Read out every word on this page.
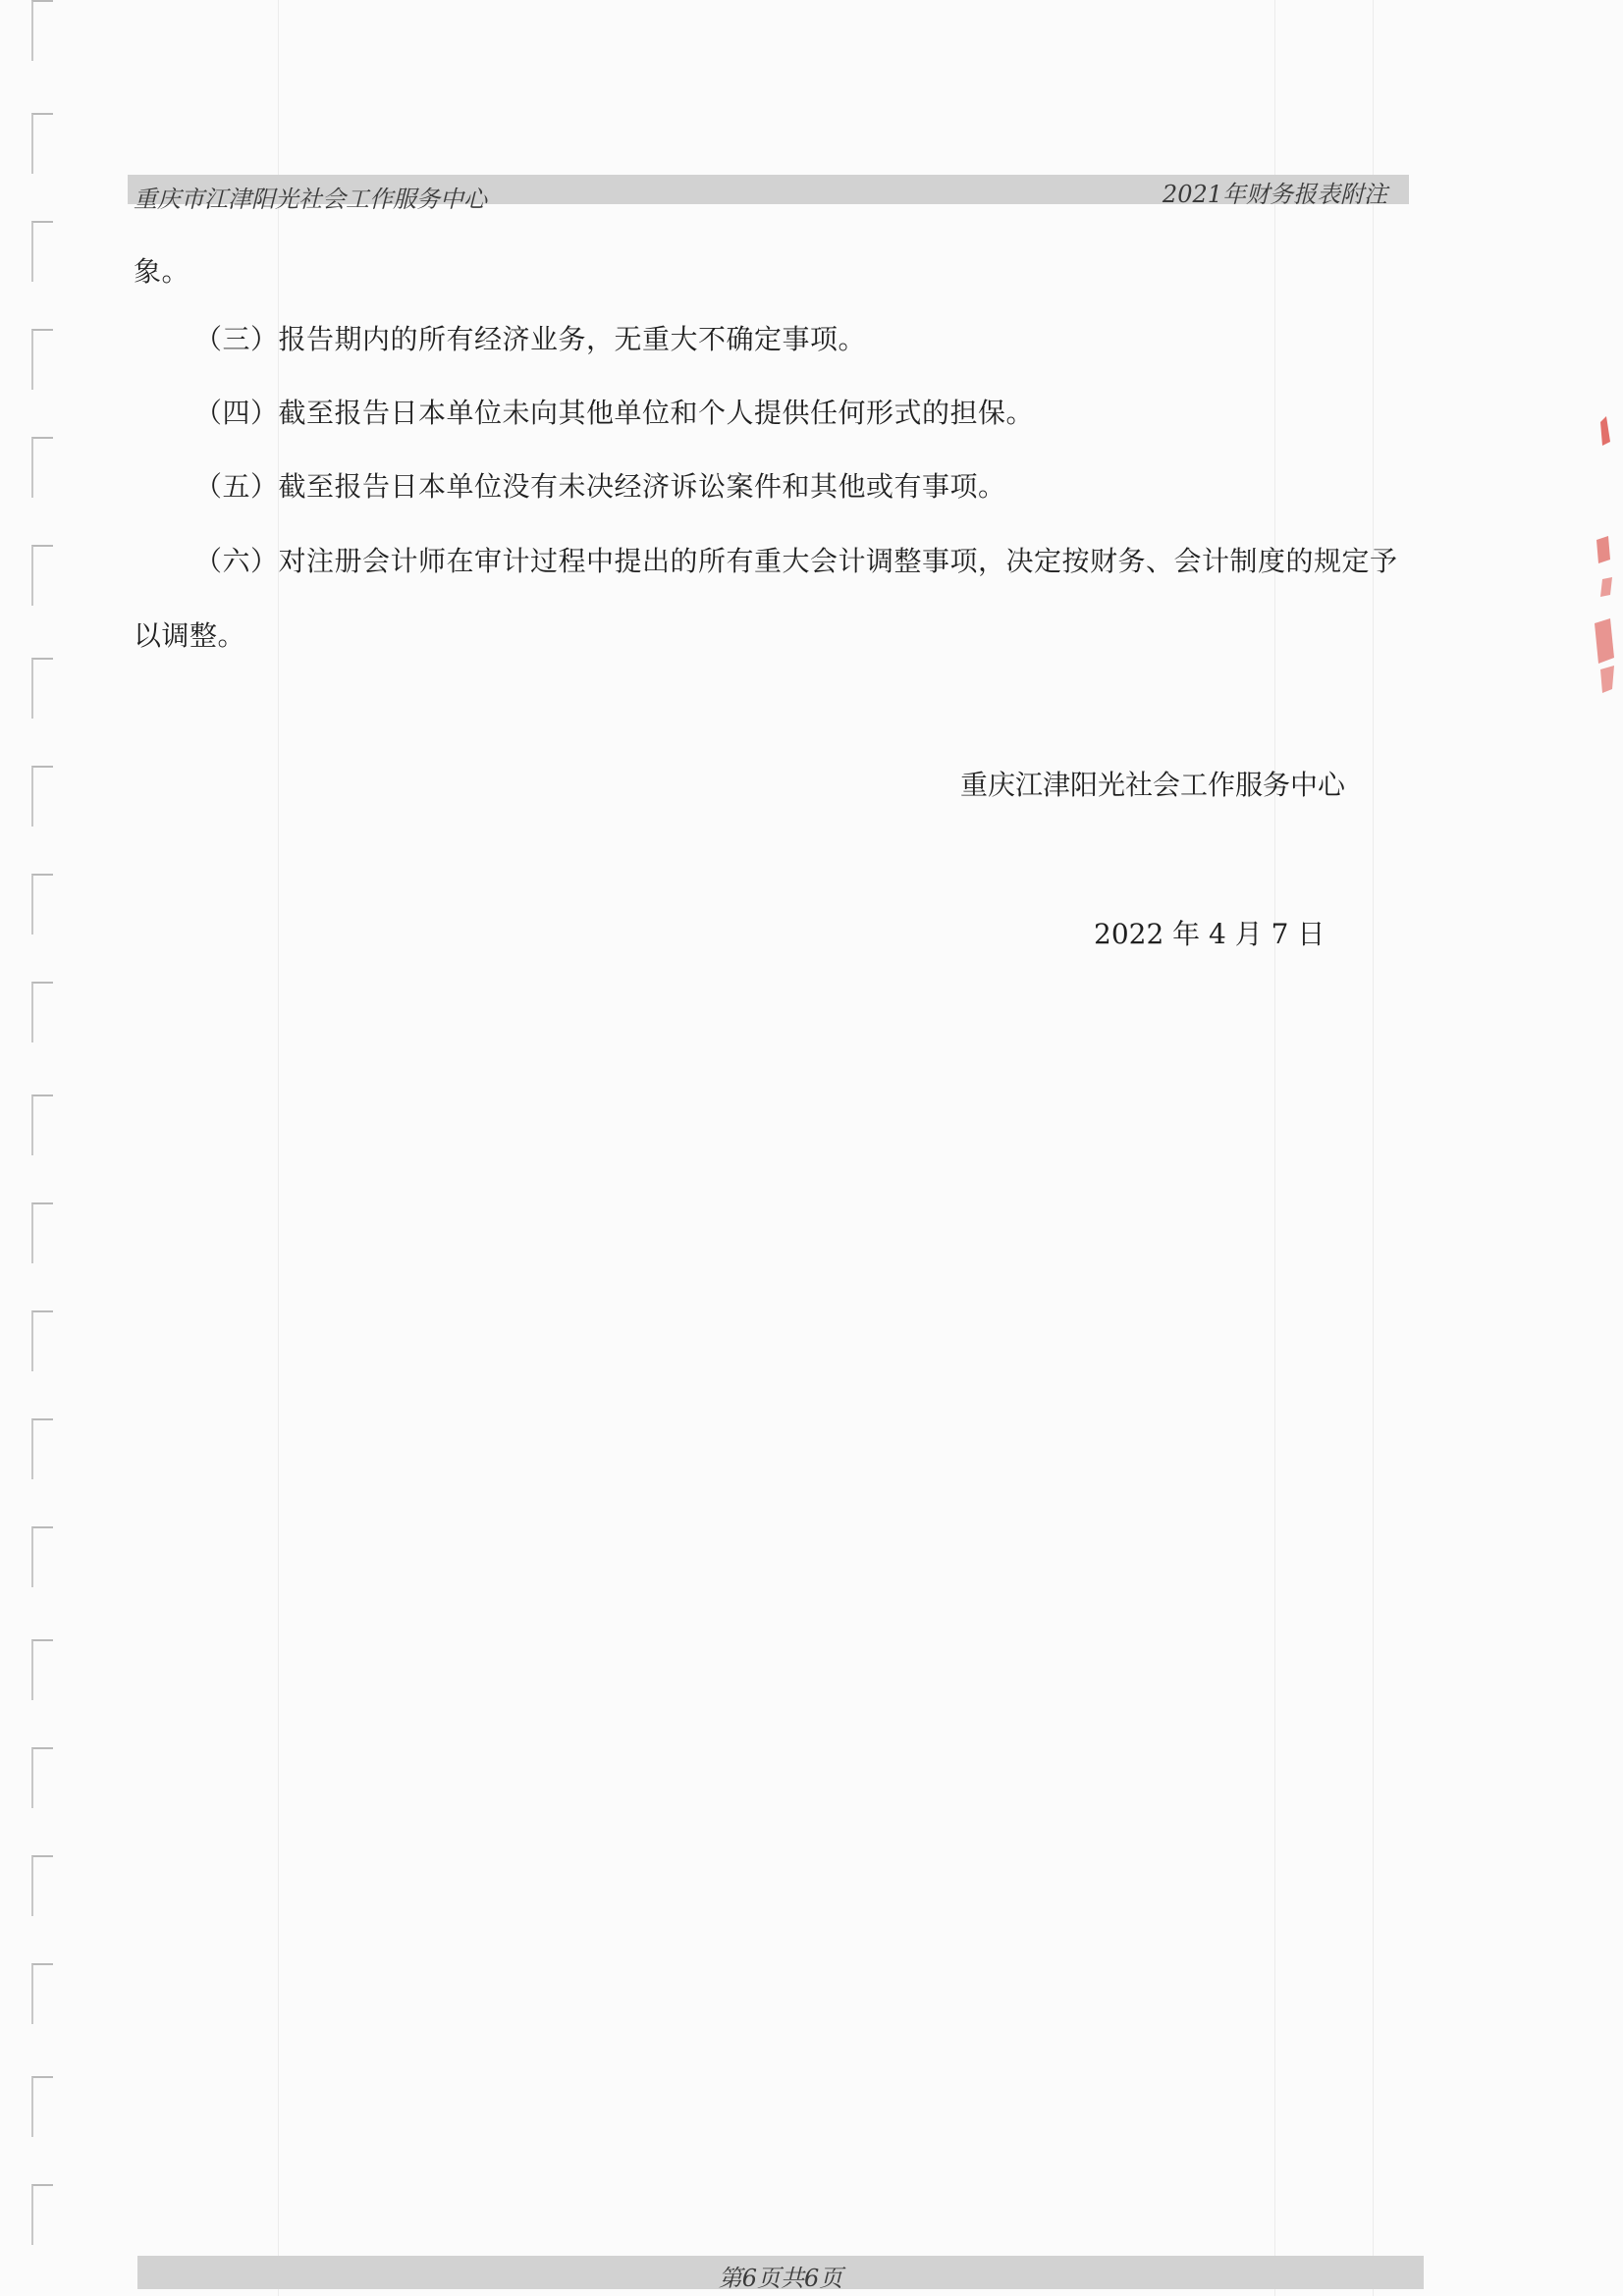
重庆市江津阳光社会工作服务中心	2021年财务报表附注
象。
（三）报告期内的所有经济业务，无重大不确定事项。
（四）截至报告日本单位未向其他单位和个人提供任何形式的担保。
（五）截至报告日本单位没有未决经济诉讼案件和其他或有事项。
（六）对注册会计师在审计过程中提出的所有重大会计调整事项，决定按财务、会计制度的规定予
以调整。
重庆江津阳光社会工作服务中心
2022 年 4 月 7 日
第6页共6页
